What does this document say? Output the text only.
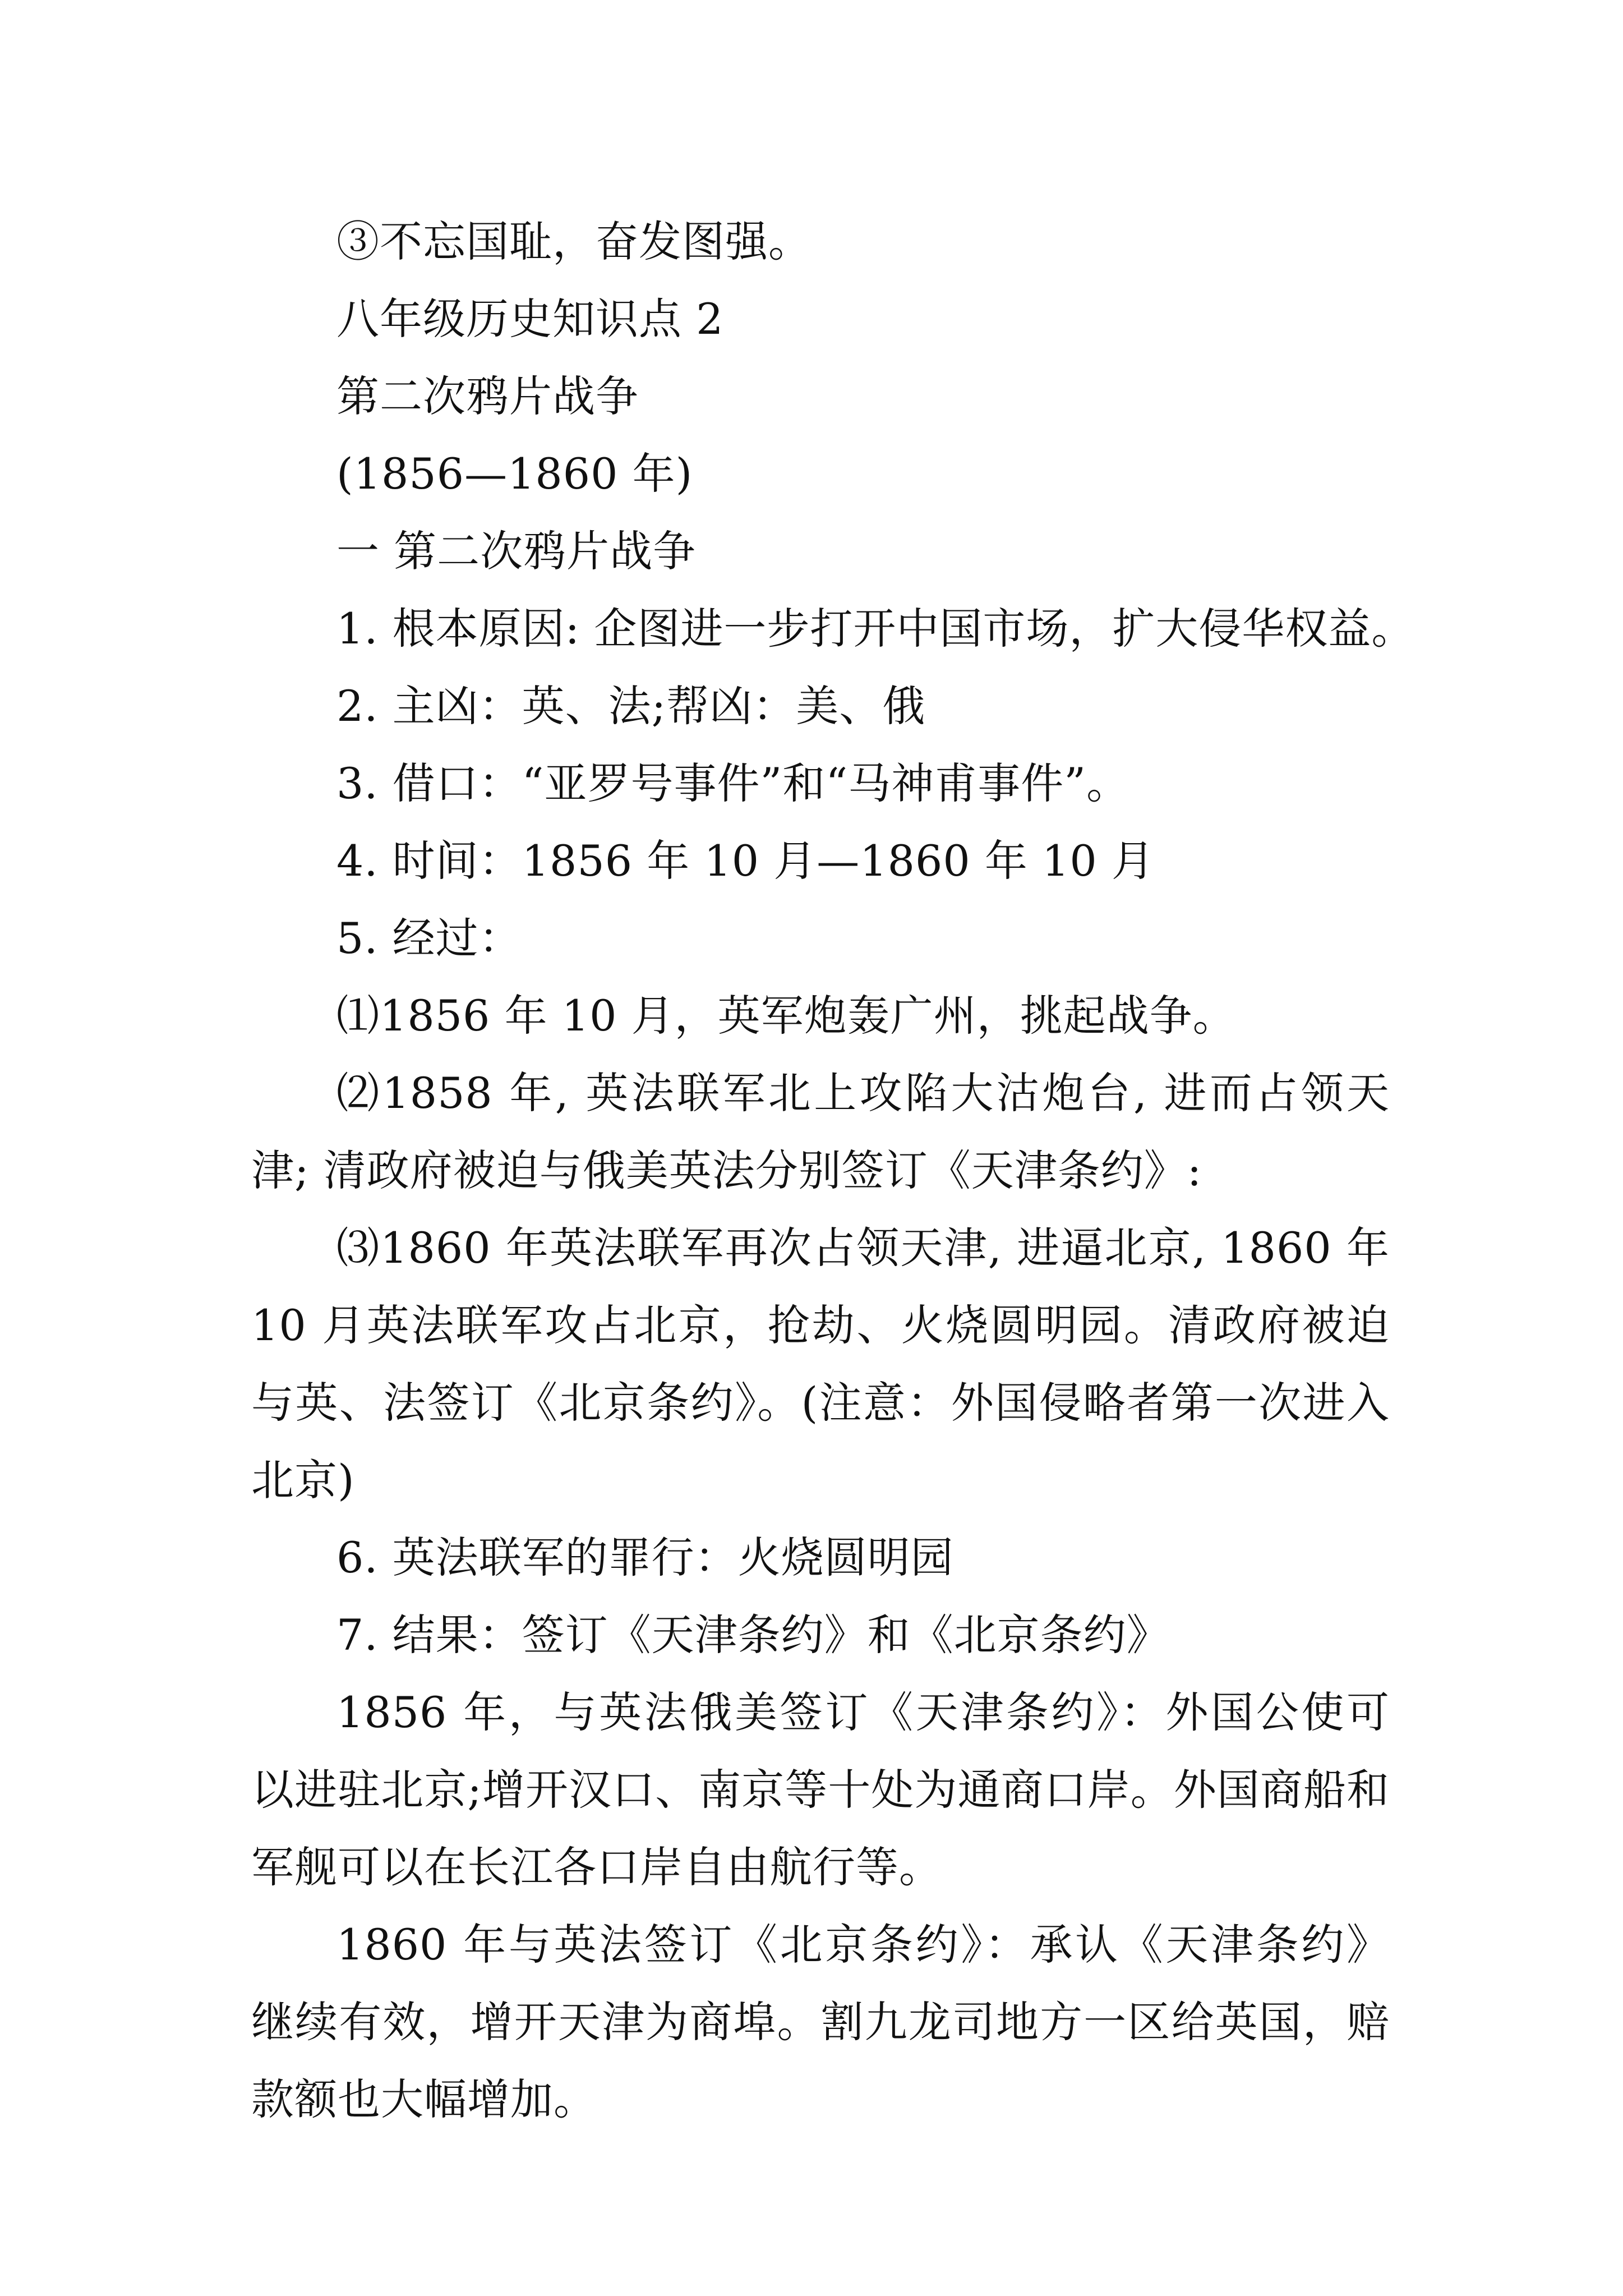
③不忘国耻，奋发图强。

八年级历史知识点 2

第二次鸦片战争

(1856—1860 年)

一 第二次鸦片战争

1. 根本原因: 企图进一步打开中国市场，扩大侵华权益。

2. 主凶：英、法;帮凶：美、俄

3. 借口：“亚罗号事件”和“马神甫事件”。

4. 时间：1856 年 10 月—1860 年 10 月

5. 经过：

⑴1856 年 10 月，英军炮轰广州，挑起战争。

⑵1858 年, 英法联军北上攻陷大沽炮台, 进而占领天津; 清政府被迫与俄美英法分别签订《天津条约》:

⑶1860 年英法联军再次占领天津, 进逼北京, 1860 年 10 月英法联军攻占北京，抢劫、火烧圆明园。清政府被迫与英、法签订《北京条约》。(注意：外国侵略者第一次进入北京)

6. 英法联军的罪行：火烧圆明园

7. 结果：签订《天津条约》和《北京条约》

1856 年，与英法俄美签订《天津条约》：外国公使可以进驻北京;增开汉口、南京等十处为通商口岸。外国商船和军舰可以在长江各口岸自由航行等。

1860 年与英法签订《北京条约》：承认《天津条约》继续有效，增开天津为商埠。割九龙司地方一区给英国，赔款额也大幅增加。
